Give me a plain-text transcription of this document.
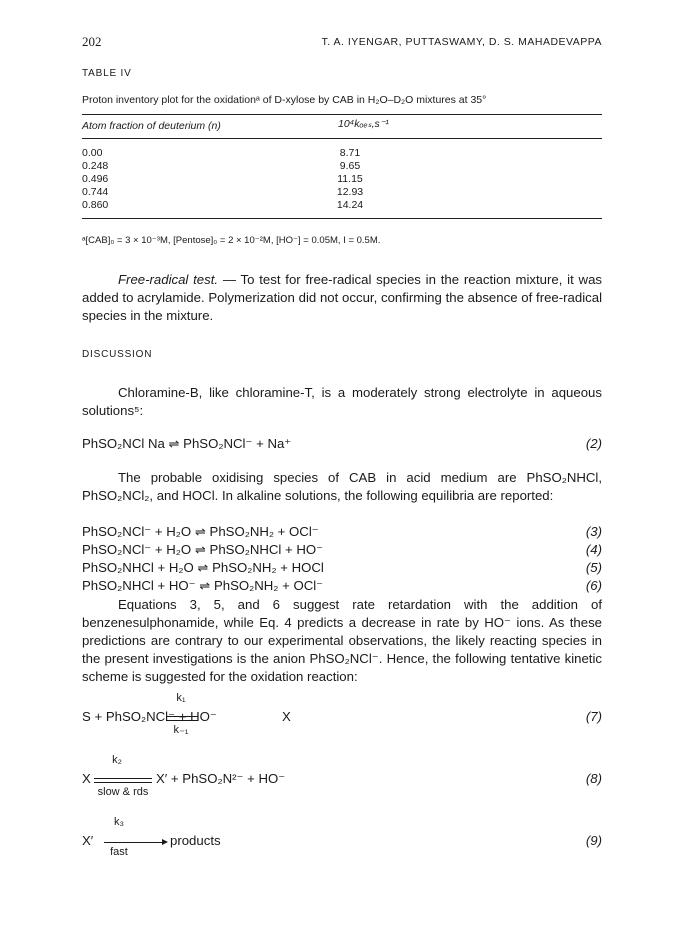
202	T. A. IYENGAR, PUTTASWAMY, D. S. MAHADEVAPPA
TABLE IV
Proton inventory plot for the oxidationᵃ of D-xylose by CAB in H₂O–D₂O mixtures at 35°
Atom fraction of deuterium (n)	10⁴kₒₑₛ,s⁻¹
0.00	8.71
0.248	9.65
0.496	11.15
0.744	12.93
0.860	14.24
ᵃ[CAB]₀ = 3 × 10⁻³M, [Pentose]₀ = 2 × 10⁻²M, [HO⁻] = 0.05M, I = 0.5M.
Free-radical test. — To test for free-radical species in the reaction mixture, it was added to acrylamide. Polymerization did not occur, confirming the absence of free-radical species in the mixture.
DISCUSSION
Chloramine-B, like chloramine-T, is a moderately strong electrolyte in aqueous solutions⁵:
PhSO₂NCl Na ⇌ PhSO₂NCl⁻ + Na⁺	(2)
The probable oxidising species of CAB in acid medium are PhSO₂NHCl, PhSO₂NCl₂, and HOCl. In alkaline solutions, the following equilibria are reported:
PhSO₂NCl⁻ + H₂O ⇌ PhSO₂NH₂ + OCl⁻	(3)
PhSO₂NCl⁻ + H₂O ⇌ PhSO₂NHCl + HO⁻	(4)
PhSO₂NHCl + H₂O ⇌ PhSO₂NH₂ + HOCl	(5)
PhSO₂NHCl + HO⁻ ⇌ PhSO₂NH₂ + OCl⁻	(6)
Equations 3, 5, and 6 suggest rate retardation with the addition of benzenesulphonamide, while Eq. 4 predicts a decrease in rate by HO⁻ ions. As these predictions are contrary to our experimental observations, the likely reacting species in the present investigations is the anion PhSO₂NCl⁻. Hence, the following tentative kinetic scheme is suggested for the oxidation reaction:
S + PhSO₂NCl⁻ + HO⁻	X	(7)
k₁
k₋₁
X	X′ + PhSO₂N²⁻ + HO⁻	(8)
k₂
slow & rds
X′	products	(9)
k₃
fast
